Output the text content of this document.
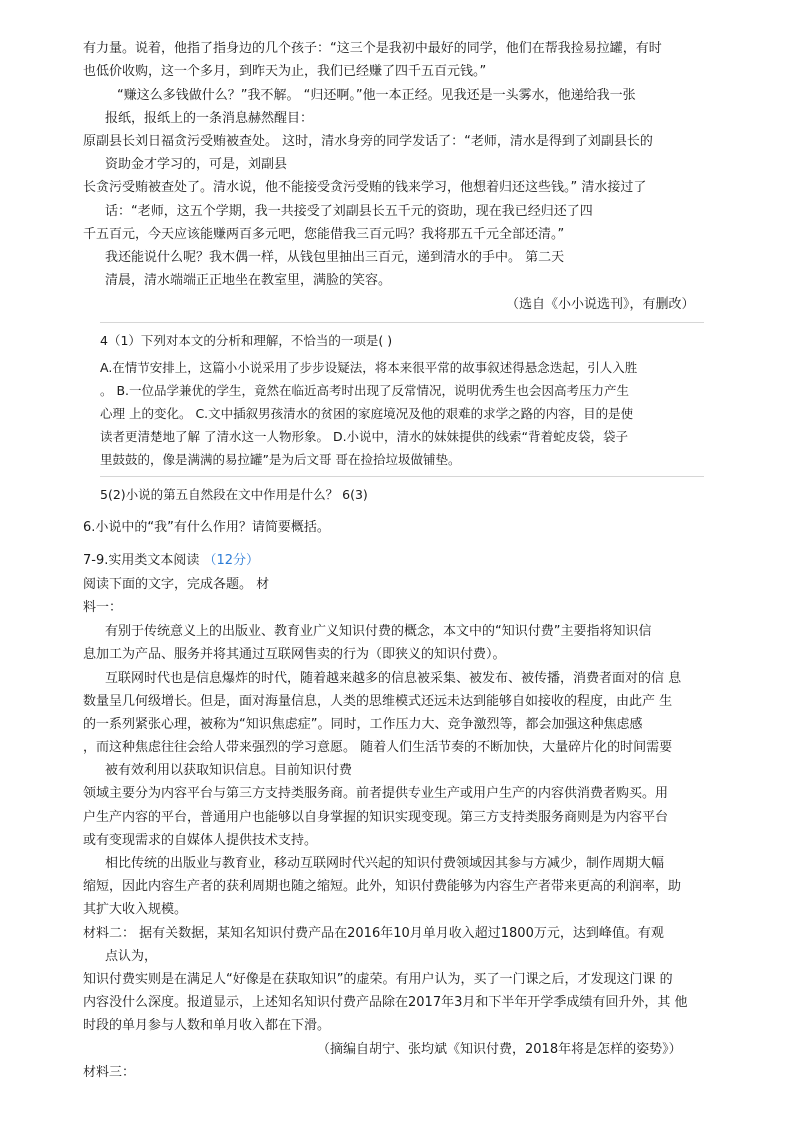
有力量。说着，他指了指身边的几个孩子：“这三个是我初中最好的同学，他们在帮我捡易拉罐，有时
也低价收购，这一个多月，到昨天为止，我们已经赚了四千五百元钱。”
“赚这么多钱做什么？”我不解。 “归还啊。”他一本正经。见我还是一头雾水，他递给我一张
报纸，报纸上的一条消息赫然醒目：
原副县长刘日福贪污受贿被查处。 这时，清水身旁的同学发话了：“老师，清水是得到了刘副县长的
资助金才学习的，可是，刘副县
长贪污受贿被查处了。清水说，他不能接受贪污受贿的钱来学习，他想着归还这些钱。” 清水接过了
话：“老师，这五个学期，我一共接受了刘副县长五千元的资助，现在我已经归还了四
千五百元，今天应该能赚两百多元吧，您能借我三百元吗？我将那五千元全部还清。”
我还能说什么呢？我木偶一样，从钱包里抽出三百元，递到清水的手中。 第二天
清晨，清水端端正正地坐在教室里，满脸的笑容。
（选自《小小说选刊》，有删改）
4（1）下列对本文的分析和理解，不恰当的一项是( )
A.在情节安排上，这篇小小说采用了步步设疑法，将本来很平常的故事叙述得悬念迭起，引人入胜
。 B.一位品学兼优的学生，竟然在临近高考时出现了反常情况，说明优秀生也会因高考压力产生
心理 上的变化。 C.文中插叙男孩清水的贫困的家庭境况及他的艰难的求学之路的内容，目的是使
读者更清楚地了解 了清水这一人物形象。 D.小说中，清水的妹妹提供的线索“背着蛇皮袋，袋子
里鼓鼓的，像是满满的易拉罐”是为后文哥 哥在捡拾垃圾做铺垫。
5(2)小说的第五自然段在文中作用是什么？ 6(3)
6.小说中的“我”有什么作用？请简要概括。
7-9.实用类文本阅读 （12分）
阅读下面的文字，完成各题。 材
料一：
有别于传统意义上的出版业、教育业广义知识付费的概念，本文中的“知识付费”主要指将知识信
息加工为产品、服务并将其通过互联网售卖的行为（即狭义的知识付费）。
互联网时代也是信息爆炸的时代，随着越来越多的信息被采集、被发布、被传播，消费者面对的信 息
数量呈几何级增长。但是，面对海量信息，人类的思维模式还远未达到能够自如接收的程度，由此产 生
的一系列紧张心理，被称为“知识焦虑症”。同时，工作压力大、竞争激烈等，都会加强这种焦虑感
，而这种焦虑往往会给人带来强烈的学习意愿。 随着人们生活节奏的不断加快，大量碎片化的时间需要
被有效利用以获取知识信息。目前知识付费
领域主要分为内容平台与第三方支持类服务商。前者提供专业生产或用户生产的内容供消费者购买。用
户生产内容的平台，普通用户也能够以自身掌握的知识实现变现。第三方支持类服务商则是为内容平台
或有变现需求的自媒体人提供技术支持。
相比传统的出版业与教育业，移动互联网时代兴起的知识付费领域因其参与方减少，制作周期大幅
缩短，因此内容生产者的获利周期也随之缩短。此外，知识付费能够为内容生产者带来更高的利润率，助
其扩大收入规模。
材料二： 据有关数据，某知名知识付费产品在2016年10月单月收入超过1800万元，达到峰值。有观
点认为，
知识付费实则是在满足人“好像是在获取知识”的虚荣。有用户认为，买了一门课之后，才发现这门课 的
内容没什么深度。报道显示，上述知名知识付费产品除在2017年3月和下半年开学季成绩有回升外，其 他
时段的单月参与人数和单月收入都在下滑。
（摘编自胡宁、张均斌《知识付费，2018年将是怎样的姿势》）
材料三：
